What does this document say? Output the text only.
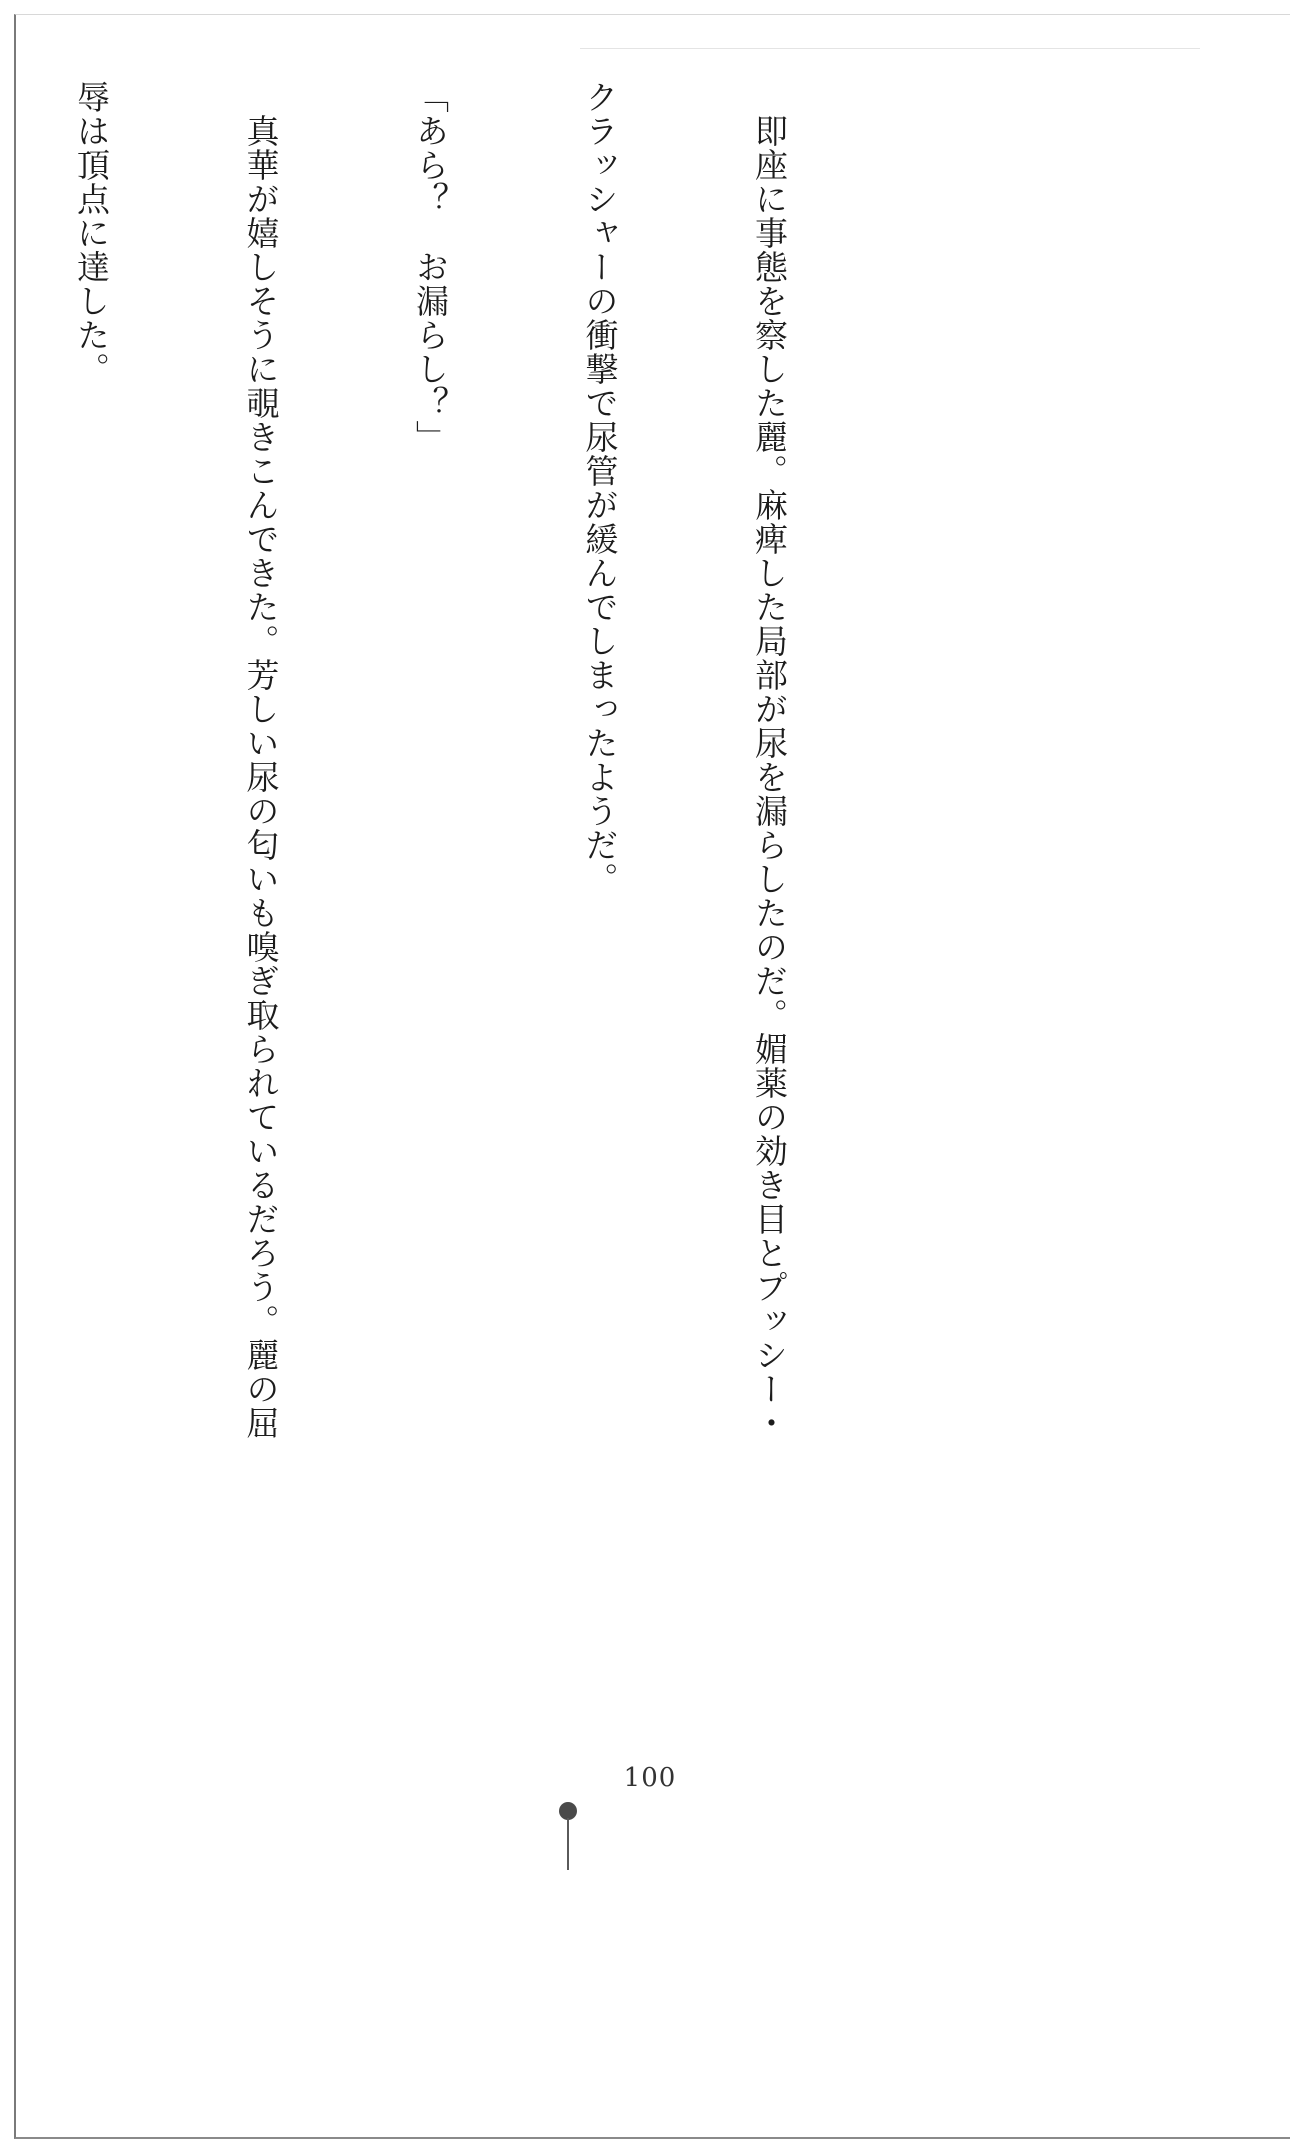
　即座に事態を察した麗。麻痺した局部が尿を漏らしたのだ。媚薬の効き目とプッシー・

クラッシャーの衝撃で尿管が緩んでしまったようだ。

「あら？　お漏らし？」

　真華が嬉しそうに覗きこんできた。芳しい尿の匂いも嗅ぎ取られているだろう。麗の屈

辱は頂点に達した。

100
